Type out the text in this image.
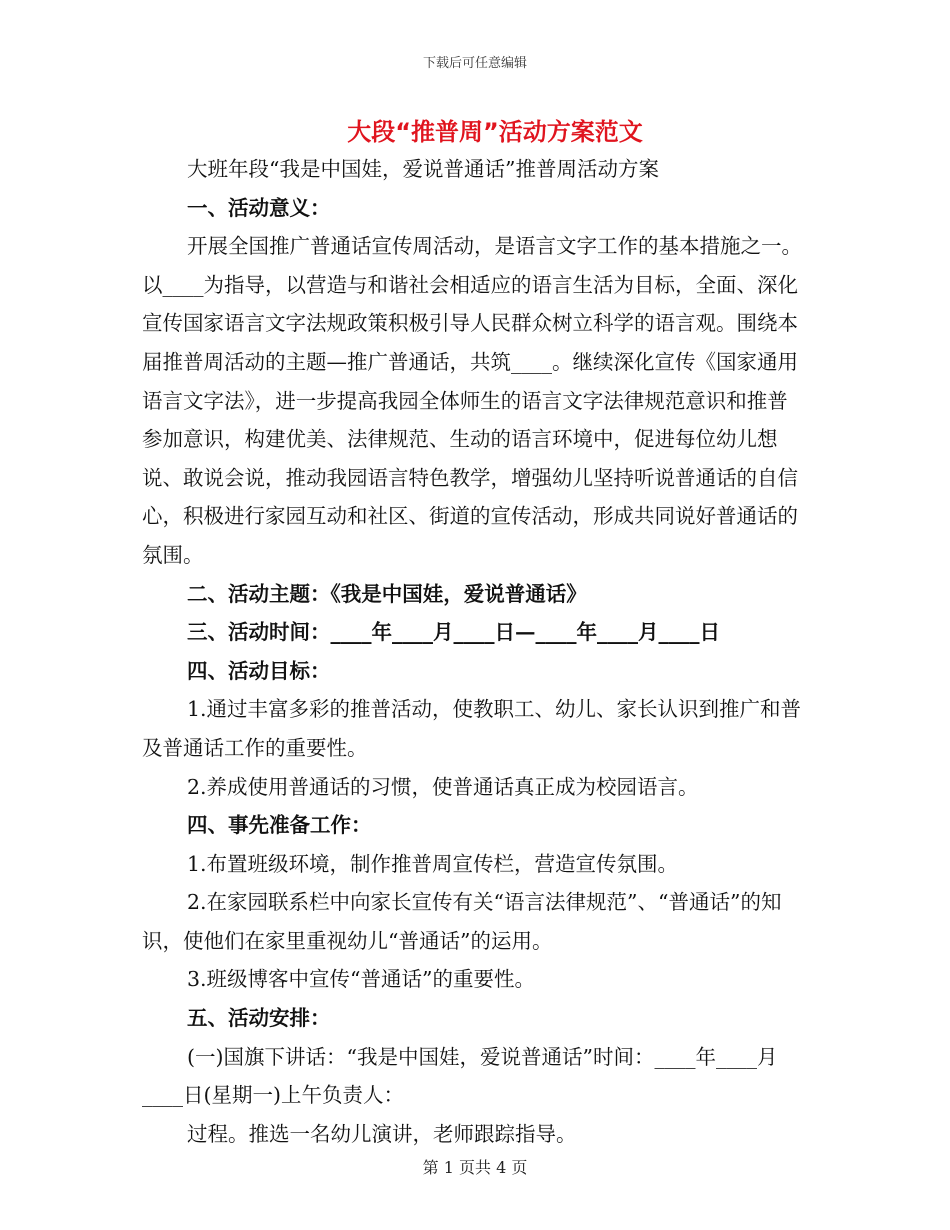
下载后可任意编辑
大段“推普周”活动方案范文

大班年段“我是中国娃，爱说普通话”推普周活动方案

一、活动意义：

开展全国推广普通话宣传周活动，是语言文字工作的基本措施之一。以____为指导，以营造与和谐社会相适应的语言生活为目标，全面、深化宣传国家语言文字法规政策积极引导人民群众树立科学的语言观。围绕本届推普周活动的主题—推广普通话，共筑____。继续深化宣传《国家通用语言文字法》，进一步提高我园全体师生的语言文字法律规范意识和推普参加意识，构建优美、法律规范、生动的语言环境中，促进每位幼儿想说、敢说会说，推动我园语言特色教学，增强幼儿坚持听说普通话的自信心，积极进行家园互动和社区、街道的宣传活动，形成共同说好普通话的氛围。

二、活动主题：《我是中国娃，爱说普通话》

三、活动时间：____年____月____日—____年____月____日

四、活动目标：

1.通过丰富多彩的推普活动，使教职工、幼儿、家长认识到推广和普及普通话工作的重要性。

2.养成使用普通话的习惯，使普通话真正成为校园语言。

四、事先准备工作：

1.布置班级环境，制作推普周宣传栏，营造宣传氛围。

2.在家园联系栏中向家长宣传有关“语言法律规范”、“普通话”的知识，使他们在家里重视幼儿“普通话”的运用。

3.班级博客中宣传“普通话”的重要性。

五、活动安排：

(一)国旗下讲话：“我是中国娃，爱说普通话”时间：____年____月____日(星期一)上午负责人：

过程。推选一名幼儿演讲，老师跟踪指导。

第 1 页共 4 页
